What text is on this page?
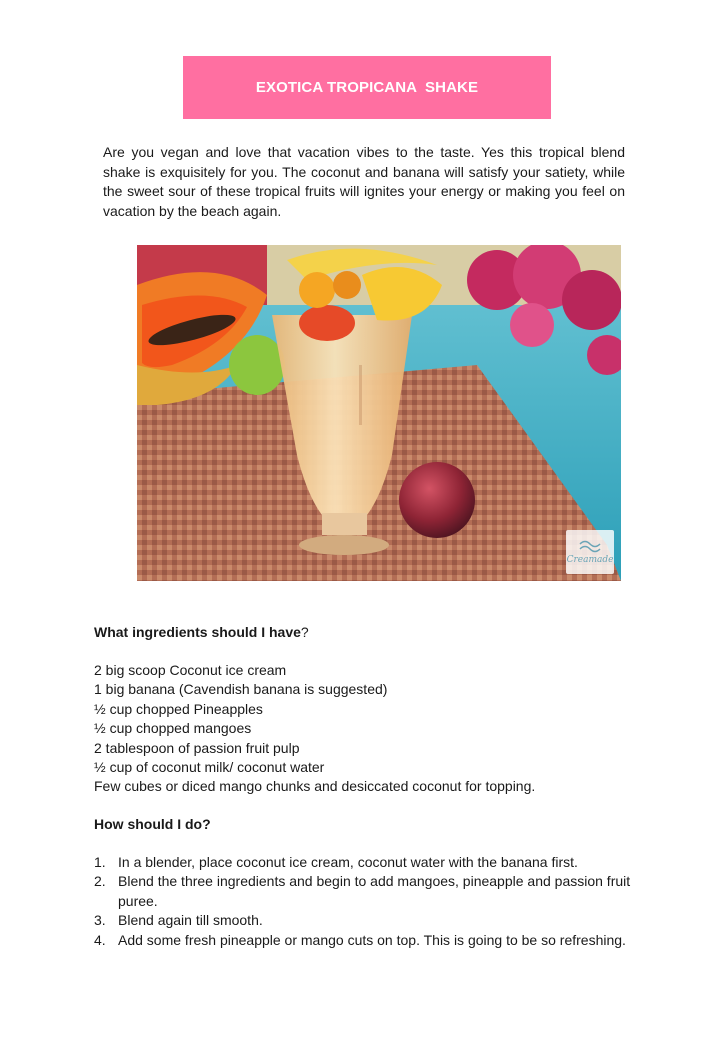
EXOTICA TROPICANA  SHAKE

Are you vegan and love that vacation vibes to the taste. Yes this tropical blend shake is exquisitely for you. The coconut and banana will satisfy your satiety, while the sweet sour of these tropical fruits will ignites your energy or making you feel on vacation by the beach again.

Creamade

What ingredients should I have?

2 big scoop Coconut ice cream
1 big banana (Cavendish banana is suggested)
½ cup chopped Pineapples
½ cup chopped mangoes
2 tablespoon of passion fruit pulp
½ cup of coconut milk/ coconut water
Few cubes or diced mango chunks and desiccated coconut for topping.

How should I do?

1. In a blender, place coconut ice cream, coconut water with the banana first.
2. Blend the three ingredients and begin to add mangoes, pineapple and passion fruit puree.
3. Blend again till smooth.
4. Add some fresh pineapple or mango cuts on top. This is going to be so refreshing.
